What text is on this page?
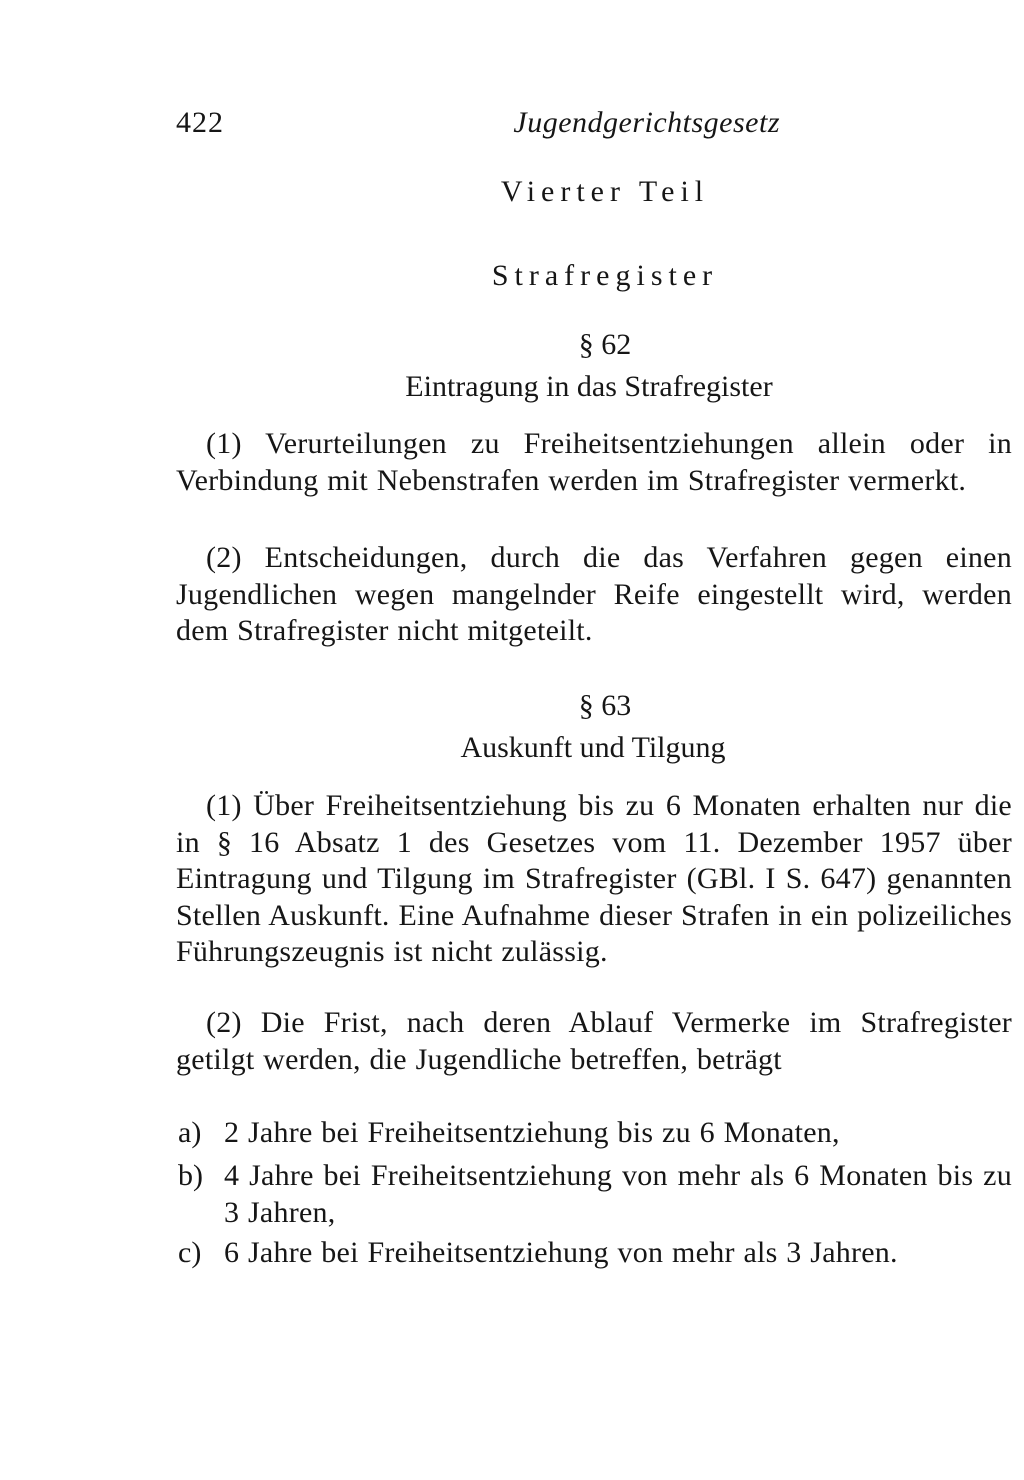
422	Jugendgerichtsgesetz
Vierter Teil
Strafregister
§ 62
Eintragung in das Strafregister

(1) Verurteilungen zu Freiheitsentziehungen allein oder in Verbindung mit Nebenstrafen werden im Strafregister vermerkt.

(2) Entscheidungen, durch die das Verfahren gegen einen Jugendlichen wegen mangelnder Reife eingestellt wird, werden dem Strafregister nicht mitgeteilt.

§ 63
Auskunft und Tilgung

(1) Über Freiheitsentziehung bis zu 6 Monaten erhalten nur die in § 16 Absatz 1 des Gesetzes vom 11. Dezember 1957 über Eintragung und Tilgung im Strafregister (GBl. I S. 647) genannten Stellen Auskunft. Eine Aufnahme dieser Strafen in ein polizeiliches Führungszeugnis ist nicht zulässig.

(2) Die Frist, nach deren Ablauf Vermerke im Strafregister getilgt werden, die Jugendliche betreffen, beträgt

a) 2 Jahre bei Freiheitsentziehung bis zu 6 Monaten,
b) 4 Jahre bei Freiheitsentziehung von mehr als 6 Monaten bis zu 3 Jahren,
c) 6 Jahre bei Freiheitsentziehung von mehr als 3 Jahren.
